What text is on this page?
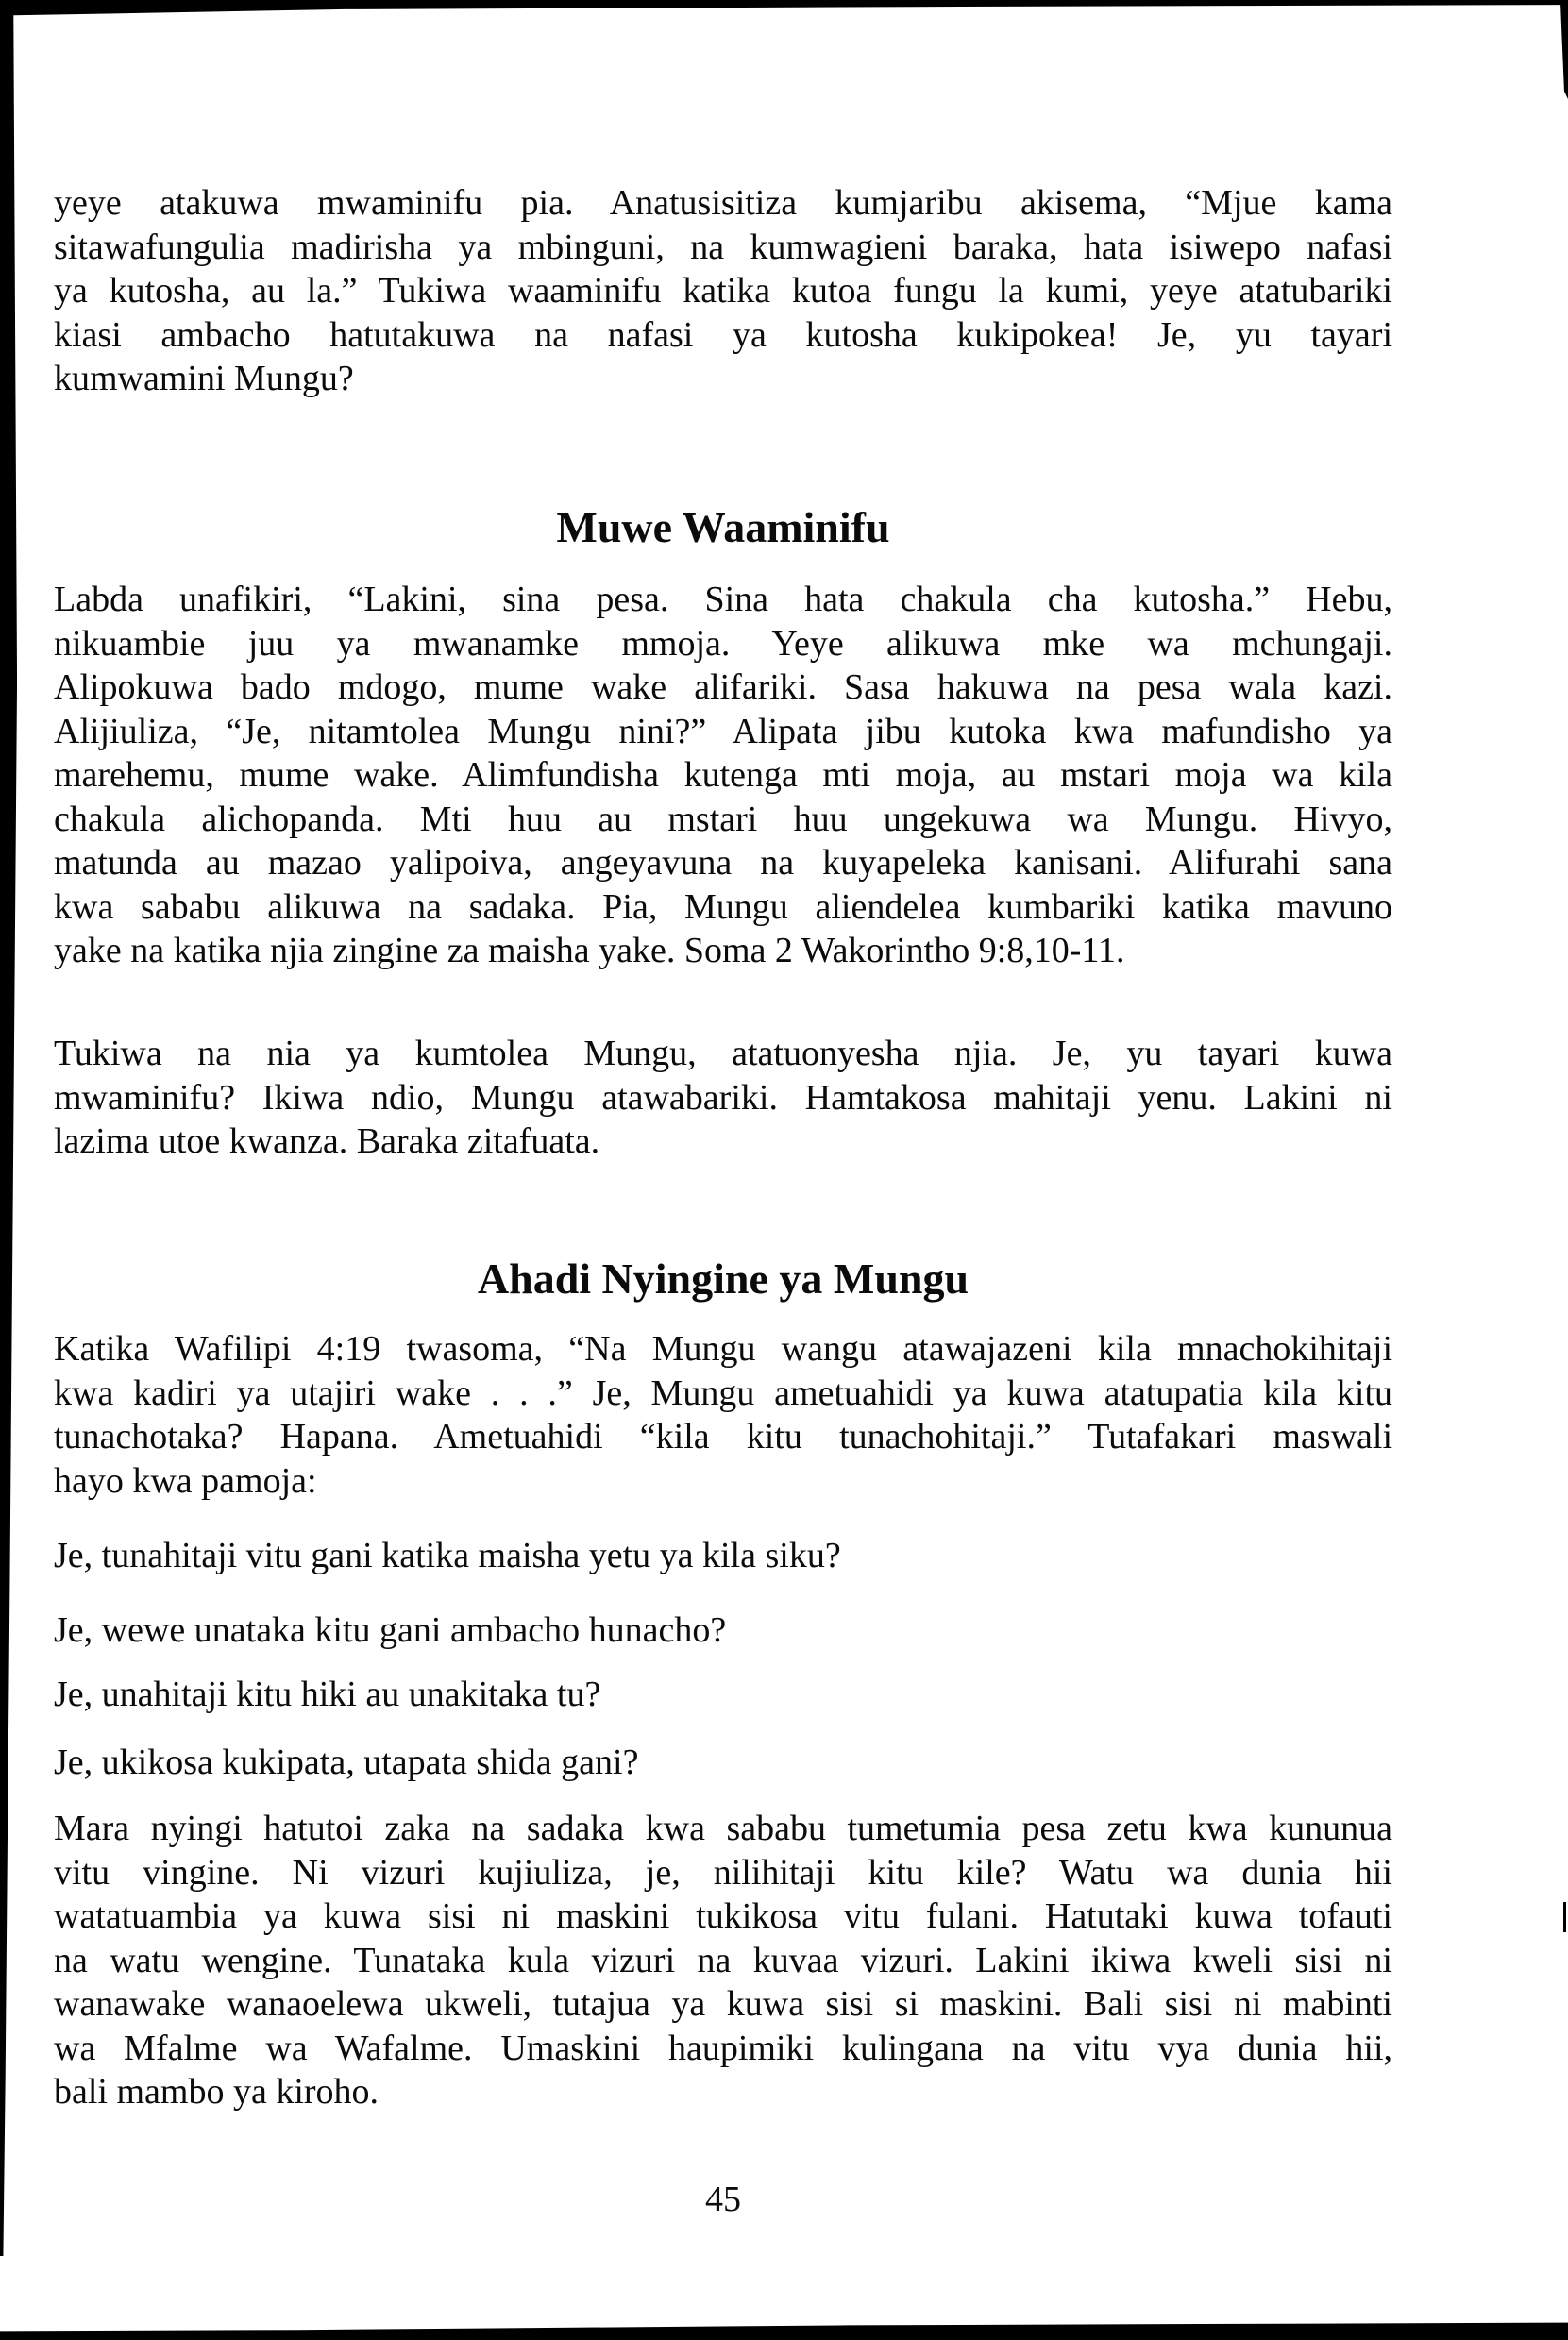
yeye atakuwa mwaminifu pia. Anatusisitiza kumjaribu akisema, “Mjue kama
sitawafungulia madirisha ya mbinguni, na kumwagieni baraka, hata isiwepo nafasi
ya kutosha, au la.” Tukiwa waaminifu katika kutoa fungu la kumi, yeye atatubariki
kiasi ambacho hatutakuwa na nafasi ya kutosha kukipokea! Je, yu tayari
kumwamini Mungu?
Muwe Waaminifu
Labda unafikiri, “Lakini, sina pesa. Sina hata chakula cha kutosha.” Hebu,
nikuambie juu ya mwanamke mmoja. Yeye alikuwa mke wa mchungaji.
Alipokuwa bado mdogo, mume wake alifariki. Sasa hakuwa na pesa wala kazi.
Alijiuliza, “Je, nitamtolea Mungu nini?” Alipata jibu kutoka kwa mafundisho ya
marehemu, mume wake. Alimfundisha kutenga mti moja, au mstari moja wa kila
chakula alichopanda. Mti huu au mstari huu ungekuwa wa Mungu. Hivyo,
matunda au mazao yalipoiva, angeyavuna na kuyapeleka kanisani. Alifurahi sana
kwa sababu alikuwa na sadaka. Pia, Mungu aliendelea kumbariki katika mavuno
yake na katika njia zingine za maisha yake. Soma 2 Wakorintho 9:8,10-11.
Tukiwa na nia ya kumtolea Mungu, atatuonyesha njia. Je, yu tayari kuwa
mwaminifu? Ikiwa ndio, Mungu atawabariki. Hamtakosa mahitaji yenu. Lakini ni
lazima utoe kwanza. Baraka zitafuata.
Ahadi Nyingine ya Mungu
Katika Wafilipi 4:19 twasoma, “Na Mungu wangu atawajazeni kila mnachokihitaji
kwa kadiri ya utajiri wake . . .” Je, Mungu ametuahidi ya kuwa atatupatia kila kitu
tunachotaka? Hapana. Ametuahidi “kila kitu tunachohitaji.” Tutafakari maswali
hayo kwa pamoja:
Je, tunahitaji vitu gani katika maisha yetu ya kila siku?
Je, wewe unataka kitu gani ambacho hunacho?
Je, unahitaji kitu hiki au unakitaka tu?
Je, ukikosa kukipata, utapata shida gani?
Mara nyingi hatutoi zaka na sadaka kwa sababu tumetumia pesa zetu kwa kununua
vitu vingine. Ni vizuri kujiuliza, je, nilihitaji kitu kile? Watu wa dunia hii
watatuambia ya kuwa sisi ni maskini tukikosa vitu fulani. Hatutaki kuwa tofauti
na watu wengine. Tunataka kula vizuri na kuvaa vizuri. Lakini ikiwa kweli sisi ni
wanawake wanaoelewa ukweli, tutajua ya kuwa sisi si maskini. Bali sisi ni mabinti
wa Mfalme wa Wafalme. Umaskini haupimiki kulingana na vitu vya dunia hii,
bali mambo ya kiroho.
45
